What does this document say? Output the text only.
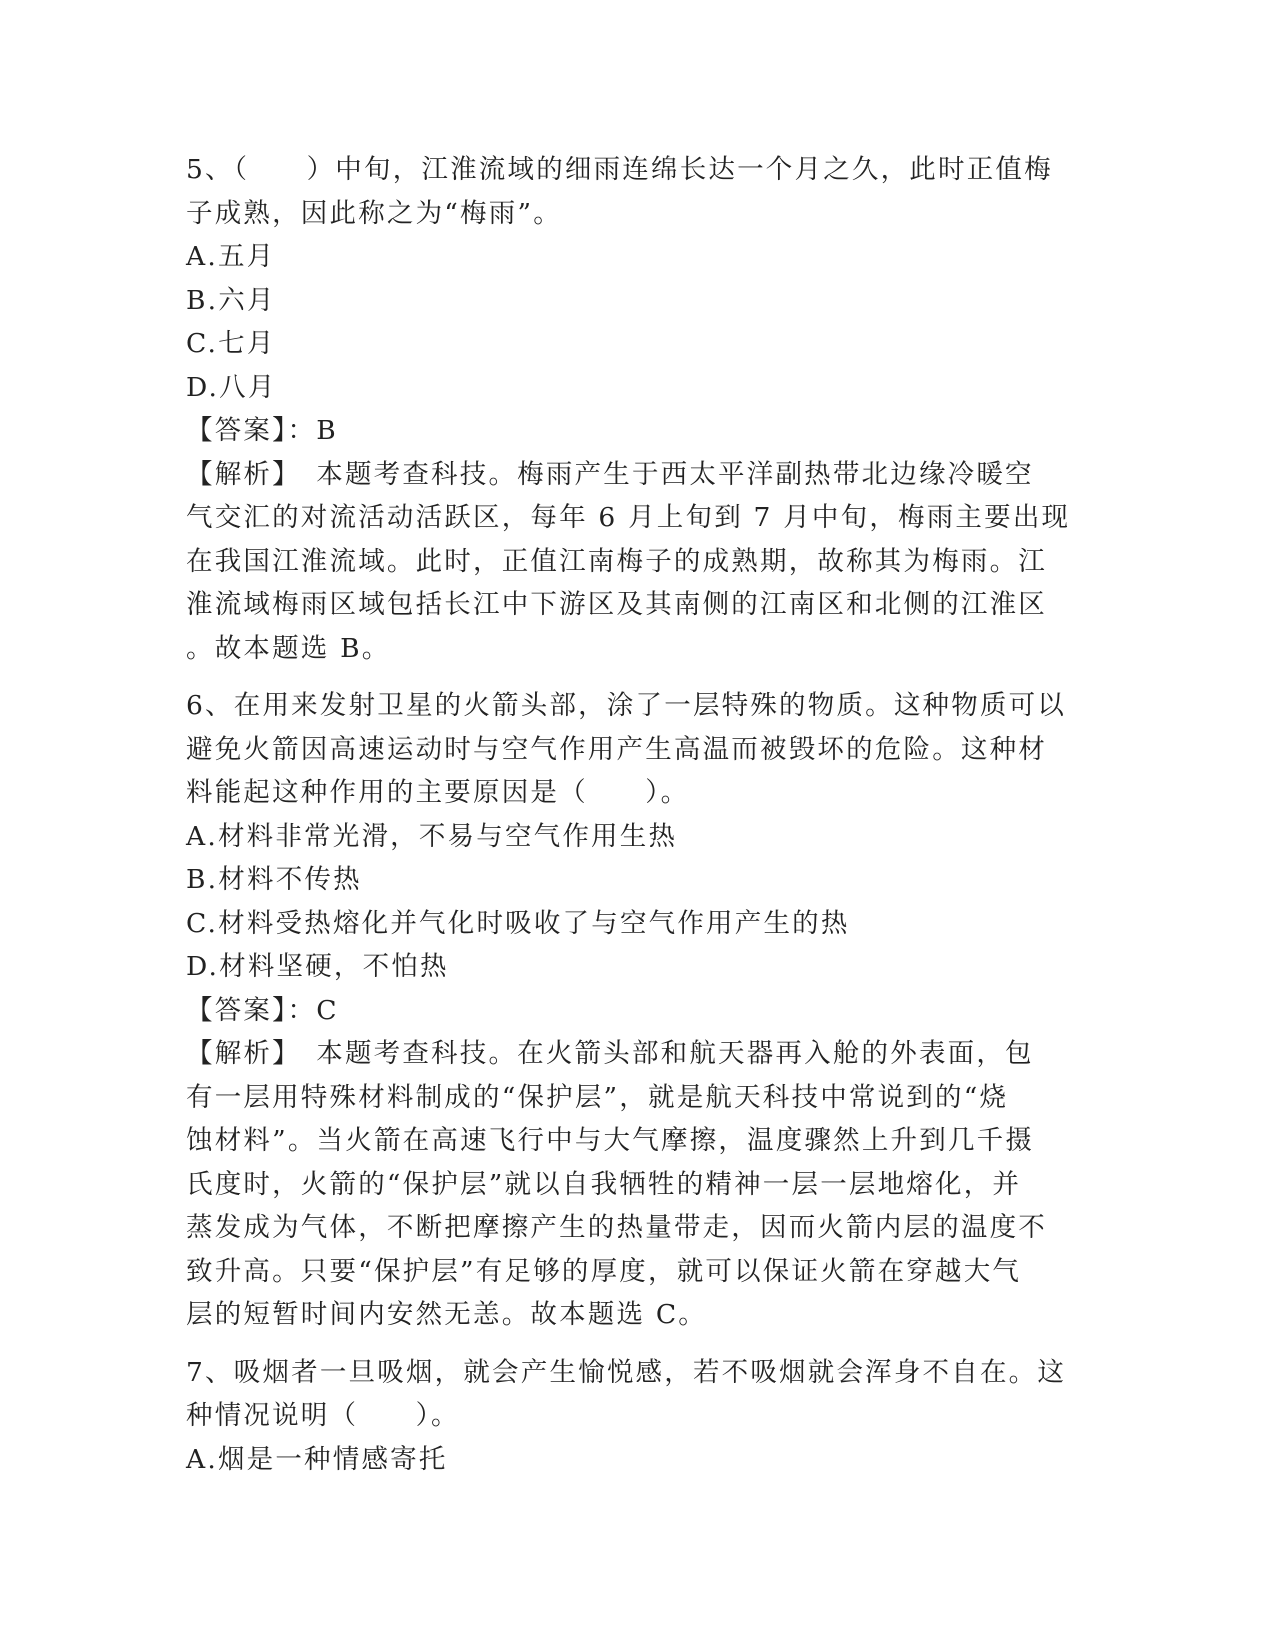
5、（　　）中旬，江淮流域的细雨连绵长达一个月之久，此时正值梅
子成熟，因此称之为“梅雨”。
A.五月
B.六月
C.七月
D.八月
【答案】：B
【解析】　本题考查科技。梅雨产生于西太平洋副热带北边缘冷暖空
气交汇的对流活动活跃区，每年 6 月上旬到 7 月中旬，梅雨主要出现
在我国江淮流域。此时，正值江南梅子的成熟期，故称其为梅雨。江
淮流域梅雨区域包括长江中下游区及其南侧的江南区和北侧的江淮区
。故本题选 B。
6、在用来发射卫星的火箭头部，涂了一层特殊的物质。这种物质可以
避免火箭因高速运动时与空气作用产生高温而被毁坏的危险。这种材
料能起这种作用的主要原因是（　　）。
A.材料非常光滑，不易与空气作用生热
B.材料不传热
C.材料受热熔化并气化时吸收了与空气作用产生的热
D.材料坚硬，不怕热
【答案】：C
【解析】　本题考查科技。在火箭头部和航天器再入舱的外表面，包
有一层用特殊材料制成的“保护层”，就是航天科技中常说到的“烧
蚀材料”。当火箭在高速飞行中与大气摩擦，温度骤然上升到几千摄
氏度时，火箭的“保护层”就以自我牺牲的精神一层一层地熔化，并
蒸发成为气体，不断把摩擦产生的热量带走，因而火箭内层的温度不
致升高。只要“保护层”有足够的厚度，就可以保证火箭在穿越大气
层的短暂时间内安然无恙。故本题选 C。
7、吸烟者一旦吸烟，就会产生愉悦感，若不吸烟就会浑身不自在。这
种情况说明（　　）。
A.烟是一种情感寄托
